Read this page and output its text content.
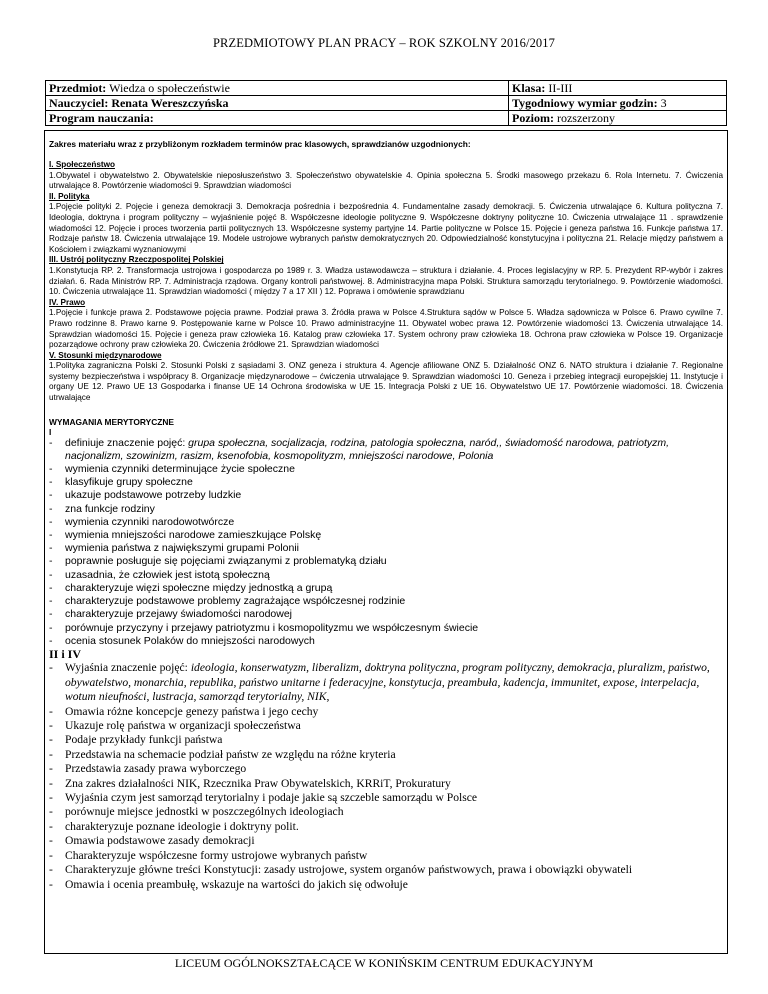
PRZEDMIOTOWY PLAN PRACY – ROK SZKOLNY 2016/2017
Przedmiot: Wiedza o społeczeństwie	Klasa: II-III
Nauczyciel: Renata Wereszczyńska	Tygodniowy wymiar godzin: 3
Program nauczania:	Poziom: rozszerzony
Zakres materiału wraz z przybliżonym rozkładem terminów prac klasowych, sprawdzianów uzgodnionych:
I. Społeczeństwo
1.Obywatel i obywatelstwo 2. Obywatelskie nieposłuszeństwo 3. Społeczeństwo obywatelskie 4. Opinia społeczna 5. Środki masowego przekazu 6. Rola Internetu. 7. Ćwiczenia utrwalające 8. Powtórzenie wiadomości 9. Sprawdzian wiadomości
II. Polityka
1.Pojęcie polityki 2. Pojęcie i geneza demokracji 3. Demokracja pośrednia i bezpośrednia 4. Fundamentalne zasady demokracji. 5. Ćwiczenia utrwalające 6. Kultura polityczna 7. Ideologia, doktryna i program polityczny – wyjaśnienie pojęć 8. Współczesne ideologie polityczne 9. Współczesne doktryny polityczne 10. Ćwiczenia utrwalające 11 . sprawdzenie wiadomości 12. Pojęcie i proces tworzenia partii politycznych 13. Współczesne systemy partyjne 14. Partie polityczne w Polsce 15. Pojęcie i geneza państwa 16. Funkcje państwa 17. Rodzaje państw 18. Ćwiczenia utrwalające 19. Modele ustrojowe wybranych państw demokratycznych 20. Odpowiedzialność konstytucyjna i polityczna 21. Relacje między państwem a Kościołem i związkami wyznaniowymi
III. Ustrój polityczny Rzeczpospolitej Polskiej
1.Konstytucja RP. 2. Transformacja ustrojowa i gospodarcza po 1989 r. 3. Władza ustawodawcza – struktura i działanie. 4. Proces legislacyjny w RP. 5. Prezydent RP-wybór i zakres działań. 6. Rada Ministrów RP. 7. Administracja rządowa. Organy kontroli państwowej. 8. Administracyjna mapa Polski. Struktura samorządu terytorialnego. 9. Powtórzenie wiadomości. 10. Ćwiczenia utrwalające 11. Sprawdzian wiadomości ( między 7 a 17 XII ) 12. Poprawa i omówienie sprawdzianu
IV. Prawo
1.Pojęcie i funkcje prawa 2. Podstawowe pojęcia prawne. Podział prawa 3. Źródła prawa w Polsce 4.Struktura sądów w Polsce 5. Władza sądownicza w Polsce 6. Prawo cywilne 7. Prawo rodzinne 8. Prawo karne 9. Postępowanie karne w Polsce 10. Prawo administracyjne 11. Obywatel wobec prawa 12. Powtórzenie wiadomości 13. Ćwiczenia utrwalające 14. Sprawdzian wiadomości 15. Pojęcie i geneza praw człowieka 16. Katalog praw człowieka 17. System ochrony praw człowieka 18. Ochrona praw człowieka w Polsce 19. Organizacje pozarządowe ochrony praw człowieka 20. Ćwiczenia źródłowe 21. Sprawdzian wiadomości
V. Stosunki międzynarodowe
1.Polityka zagraniczna Polski 2. Stosunki Polski z sąsiadami 3. ONZ geneza i struktura 4. Agencje afiliowane ONZ 5. Działalność ONZ 6. NATO struktura i działanie 7. Regionalne systemy bezpieczeństwa i współpracy 8. Organizacje międzynarodowe – ćwiczenia utrwalające 9. Sprawdzian wiadomości 10. Geneza i przebieg integracji europejskiej 11. Instytucje i organy UE 12. Prawo UE 13 Gospodarka i finanse UE 14 Ochrona środowiska w UE 15. Integracja Polski z UE 16. Obywatelstwo UE 17. Powtórzenie wiadomości. 18. Ćwiczenia utrwalające
WYMAGANIA MERYTORYCZNE
I
- definiuje znaczenie pojęć: grupa społeczna, socjalizacja, rodzina, patologia społeczna, naród,, świadomość narodowa, patriotyzm, nacjonalizm, szowinizm, rasizm, ksenofobia, kosmopolityzm, mniejszości narodowe, Polonia
- wymienia czynniki determinujące życie społeczne
- klasyfikuje grupy społeczne
- ukazuje podstawowe potrzeby ludzkie
- zna funkcje rodziny
- wymienia czynniki narodowotwórcze
- wymienia mniejszości narodowe zamieszkujące Polskę
- wymienia państwa z największymi grupami Polonii
- poprawnie posługuje się pojęciami związanymi z problematyką działu
- uzasadnia, że człowiek jest istotą społeczną
- charakteryzuje więzi społeczne między jednostką a grupą
- charakteryzuje podstawowe problemy zagrażające współczesnej rodzinie
- charakteryzuje przejawy świadomości narodowej
- porównuje przyczyny i przejawy patriotyzmu i kosmopolityzmu we współczesnym świecie
- ocenia stosunek Polaków do mniejszości narodowych
II i IV
- Wyjaśnia znaczenie pojęć: ideologia, konserwatyzm, liberalizm, doktryna polityczna, program polityczny, demokracja, pluralizm, państwo, obywatelstwo, monarchia, republika, państwo unitarne i federacyjne, konstytucja, preambuła, kadencja, immunitet, expose, interpelacja, wotum nieufności, lustracja, samorząd terytorialny, NIK,
- Omawia różne koncepcje genezy państwa i jego cechy
- Ukazuje rolę państwa w organizacji społeczeństwa
- Podaje przykłady funkcji państwa
- Przedstawia na schemacie podział państw ze względu na różne kryteria
- Przedstawia zasady prawa wyborczego
- Zna zakres działalności NIK, Rzecznika Praw Obywatelskich, KRRiT, Prokuratury
- Wyjaśnia czym jest samorząd terytorialny i podaje jakie są szczeble samorządu w Polsce
- porównuje miejsce jednostki w poszczególnych ideologiach
- charakteryzuje poznane ideologie i doktryny polit.
- Omawia podstawowe zasady demokracji
- Charakteryzuje współczesne formy ustrojowe wybranych państw
- Charakteryzuje główne treści Konstytucji: zasady ustrojowe, system organów państwowych, prawa i obowiązki obywateli
- Omawia i ocenia preambułę, wskazuje na wartości do jakich się odwołuje
LICEUM OGÓLNOKSZTAŁCĄCE W KONIŃSKIM CENTRUM EDUKACYJNYM
